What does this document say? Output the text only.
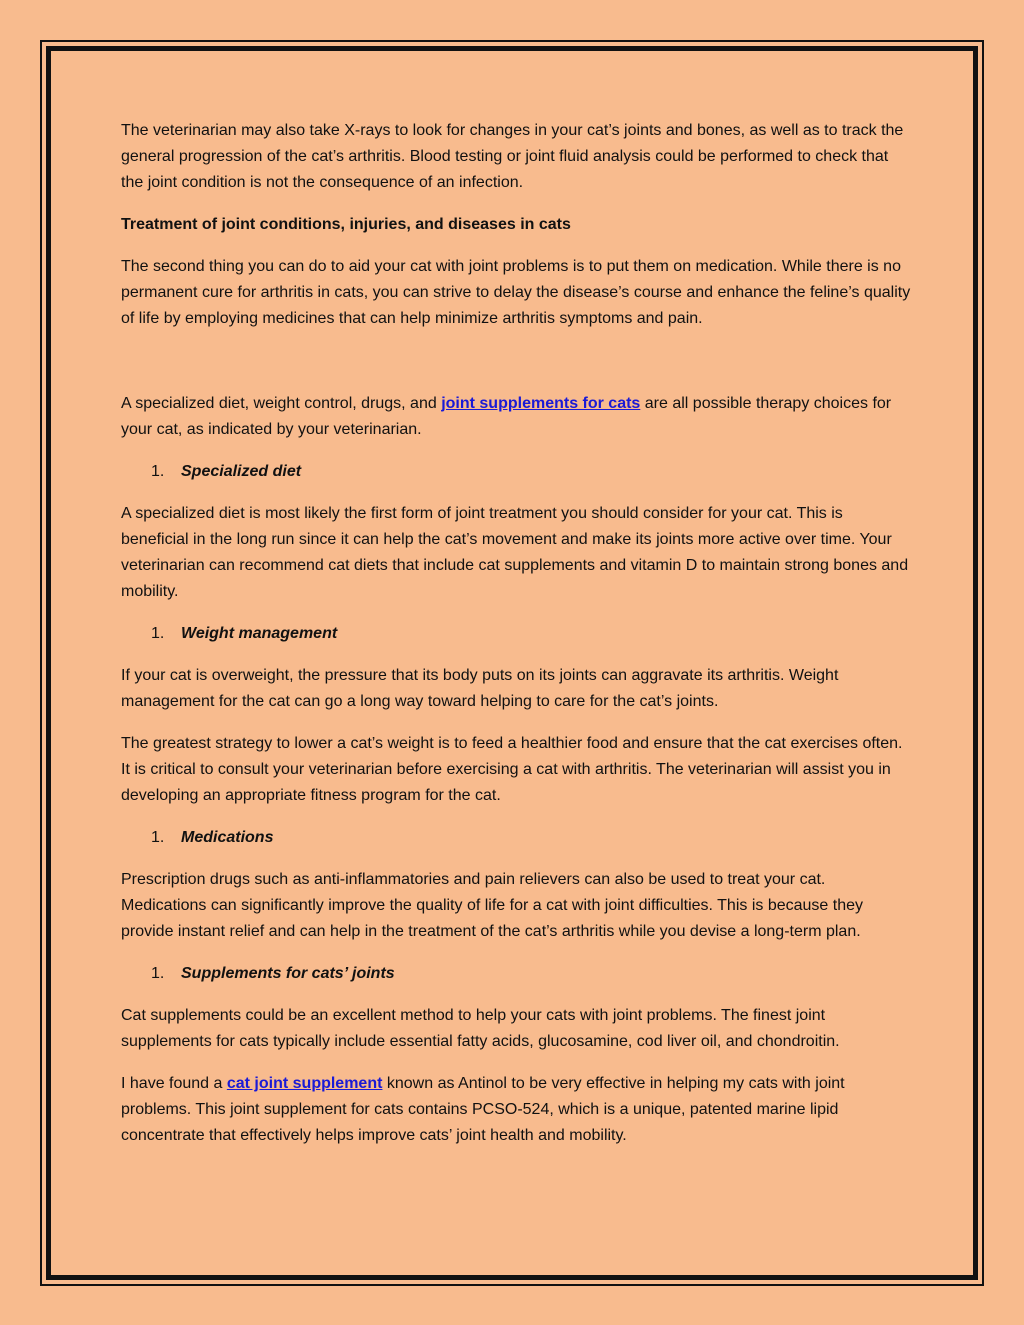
The veterinarian may also take X-rays to look for changes in your cat’s joints and bones, as well as to track the general progression of the cat’s arthritis. Blood testing or joint fluid analysis could be performed to check that the joint condition is not the consequence of an infection.

Treatment of joint conditions, injuries, and diseases in cats

The second thing you can do to aid your cat with joint problems is to put them on medication. While there is no permanent cure for arthritis in cats, you can strive to delay the disease’s course and enhance the feline’s quality of life by employing medicines that can help minimize arthritis symptoms and pain.

A specialized diet, weight control, drugs, and joint supplements for cats are all possible therapy choices for your cat, as indicated by your veterinarian.

1.	Specialized diet

A specialized diet is most likely the first form of joint treatment you should consider for your cat. This is beneficial in the long run since it can help the cat’s movement and make its joints more active over time. Your veterinarian can recommend cat diets that include cat supplements and vitamin D to maintain strong bones and mobility.

1.	Weight management

If your cat is overweight, the pressure that its body puts on its joints can aggravate its arthritis. Weight management for the cat can go a long way toward helping to care for the cat’s joints.

The greatest strategy to lower a cat’s weight is to feed a healthier food and ensure that the cat exercises often. It is critical to consult your veterinarian before exercising a cat with arthritis. The veterinarian will assist you in developing an appropriate fitness program for the cat.

1.	Medications

Prescription drugs such as anti-inflammatories and pain relievers can also be used to treat your cat. Medications can significantly improve the quality of life for a cat with joint difficulties. This is because they provide instant relief and can help in the treatment of the cat’s arthritis while you devise a long-term plan.

1.	Supplements for cats’ joints

Cat supplements could be an excellent method to help your cats with joint problems. The finest joint supplements for cats typically include essential fatty acids, glucosamine, cod liver oil, and chondroitin.

I have found a cat joint supplement known as Antinol to be very effective in helping my cats with joint problems. This joint supplement for cats contains PCSO-524, which is a unique, patented marine lipid concentrate that effectively helps improve cats’ joint health and mobility.
